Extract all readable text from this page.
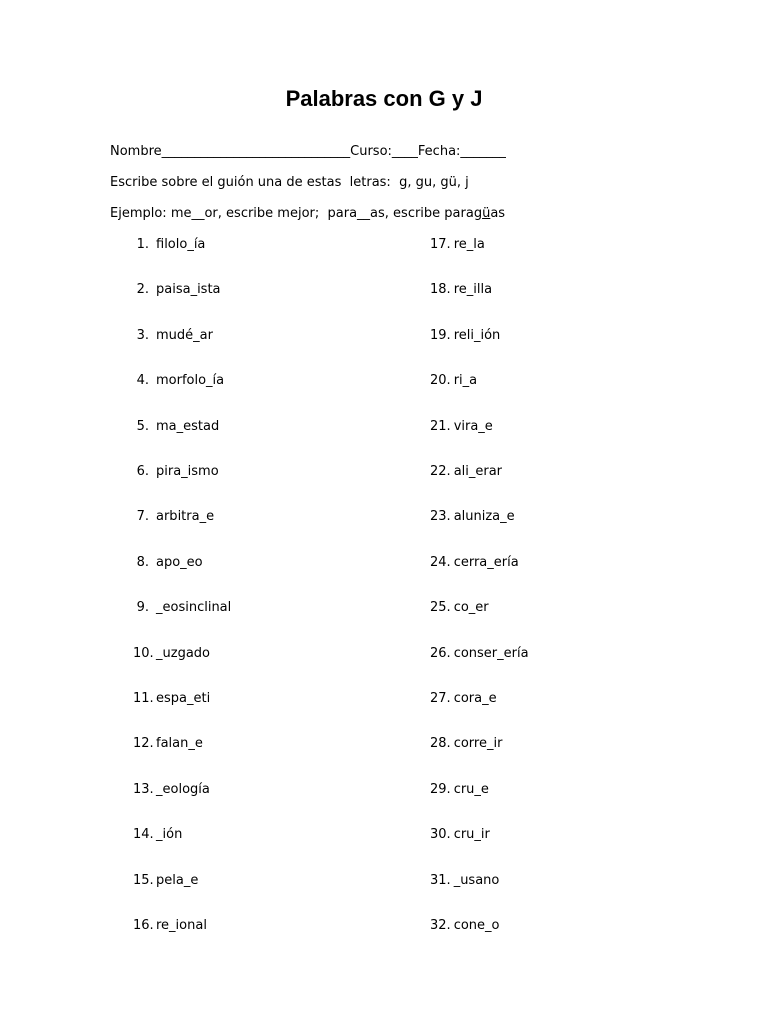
Palabras con G y J
Nombre_____________________________Curso:____Fecha:_______
Escribe sobre el guión una de estas  letras:  g, gu, gü, j
Ejemplo: me__or, escribe mejor;  para__as, escribe paragüas
1. filolo_ía
2. paisa_ista
3. mudé_ar
4. morfolo_ía
5. ma_estad
6. pira_ismo
7. arbitra_e
8. apo_eo
9. _eosinclinal
10. _uzgado
11. espa_eti
12. falan_e
13. _eología
14. _ión
15. pela_e
16. re_ional
17. re_la
18. re_illa
19. reli_ión
20. ri_a
21. vira_e
22. ali_erar
23. aluniza_e
24. cerra_ería
25. co_er
26. conser_ería
27. cora_e
28. corre_ir
29. cru_e
30. cru_ir
31. _usano
32. cone_o
